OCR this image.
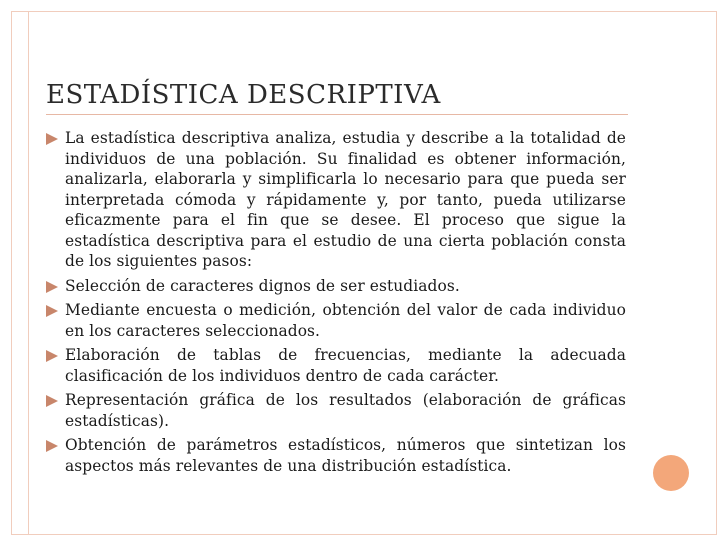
ESTADÍSTICA DESCRIPTIVA
La estadística descriptiva analiza, estudia y describe a la totalidad de individuos de una población. Su finalidad es obtener información, analizarla, elaborarla y simplificarla lo necesario para que pueda ser interpretada cómoda y rápidamente y, por tanto, pueda utilizarse eficazmente para el fin que se desee. El proceso que sigue la estadística descriptiva para el estudio de una cierta población consta de los siguientes pasos:
Selección de caracteres dignos de ser estudiados.
Mediante encuesta o medición, obtención del valor de cada individuo en los caracteres seleccionados.
Elaboración de tablas de frecuencias, mediante la adecuada clasificación de los individuos dentro de cada carácter.
Representación gráfica de los resultados (elaboración de gráficas estadísticas).
Obtención de parámetros estadísticos, números que sintetizan los aspectos más relevantes de una distribución estadística.
